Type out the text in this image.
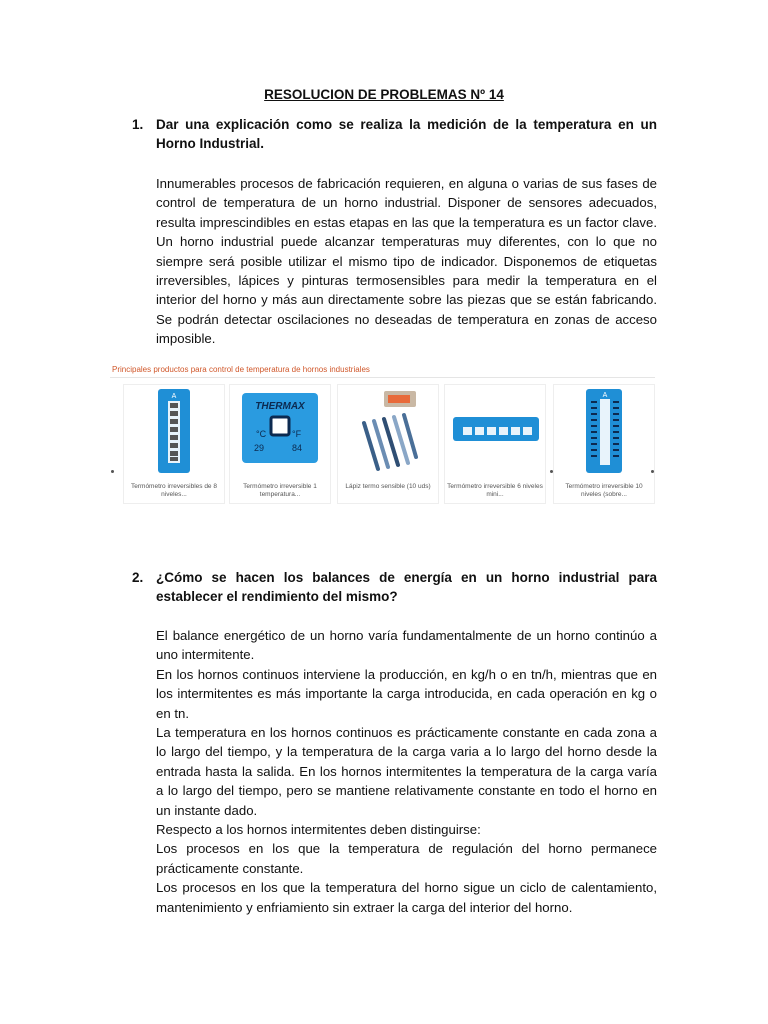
RESOLUCION DE PROBLEMAS Nº 14
1. Dar una explicación como se realiza la medición de la temperatura en un Horno Industrial.

Innumerables procesos de fabricación requieren, en alguna o varias de sus fases de control de temperatura de un horno industrial. Disponer de sensores adecuados, resulta imprescindibles en estas etapas en las que la temperatura es un factor clave. Un horno industrial puede alcanzar temperaturas muy diferentes, con lo que no siempre será posible utilizar el mismo tipo de indicador. Disponemos de etiquetas irreversibles, lápices y pinturas termosensibles para medir la temperatura en el interior del horno y más aun directamente sobre las piezas que se están fabricando. Se podrán detectar oscilaciones no deseadas de temperatura en zonas de acceso imposible.

Principales productos para control de temperatura de hornos industriales
A
Termómetro irreversibles de 8 niveles...
THERMAX
°C	°F
29	84
Termómetro irreversible 1 temperatura...
Lápiz termo sensible (10 uds)	Termómetro irreversible 6 niveles mini...
A
Termómetro irreversible 10 niveles (sobre...
2. ¿Cómo se hacen los balances de energía en un horno industrial para establecer el rendimiento del mismo?

El balance energético de un horno varía fundamentalmente de un horno continúo a uno intermitente.

En los hornos continuos interviene la producción, en kg/h o en tn/h, mientras que en los intermitentes es más importante la carga introducida, en cada operación en kg o en tn.

La temperatura en los hornos continuos es prácticamente constante en cada zona a lo largo del tiempo, y la temperatura de la carga varia a lo largo del horno desde la entrada hasta la salida. En los hornos intermitentes la temperatura de la carga varía a lo largo del tiempo, pero se mantiene relativamente constante en todo el horno en un instante dado.

Respecto a los hornos intermitentes deben distinguirse:

Los procesos en los que la temperatura de regulación del horno permanece prácticamente constante.

Los procesos en los que la temperatura del horno sigue un ciclo de calentamiento, mantenimiento y enfriamiento sin extraer la carga del interior del horno.
